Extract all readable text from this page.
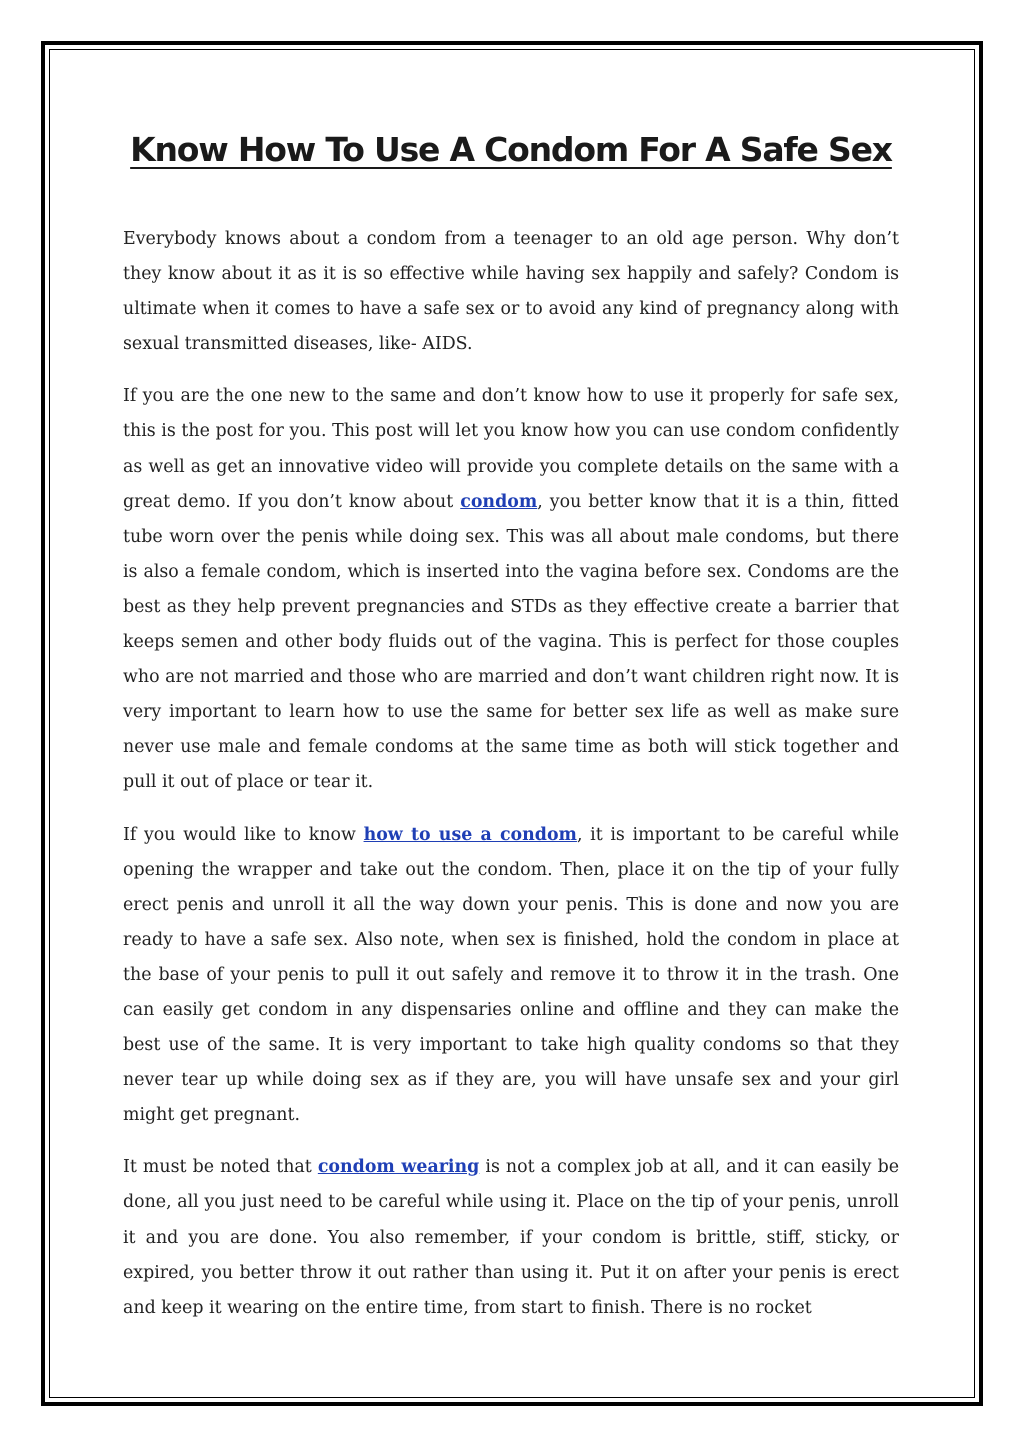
Know How To Use A Condom For A Safe Sex

Everybody knows about a condom from a teenager to an old age person. Why don’t they know about it as it is so effective while having sex happily and safely? Condom is ultimate when it comes to have a safe sex or to avoid any kind of pregnancy along with sexual transmitted diseases, like- AIDS.

If you are the one new to the same and don’t know how to use it properly for safe sex, this is the post for you. This post will let you know how you can use condom confidently as well as get an innovative video will provide you complete details on the same with a great demo. If you don’t know about condom, you better know that it is a thin, fitted tube worn over the penis while doing sex. This was all about male condoms, but there is also a female condom, which is inserted into the vagina before sex. Condoms are the best as they help prevent pregnancies and STDs as they effective create a barrier that keeps semen and other body fluids out of the vagina. This is perfect for those couples who are not married and those who are married and don’t want children right now. It is very important to learn how to use the same for better sex life as well as make sure never use male and female condoms at the same time as both will stick together and pull it out of place or tear it.

If you would like to know how to use a condom, it is important to be careful while opening the wrapper and take out the condom. Then, place it on the tip of your fully erect penis and unroll it all the way down your penis. This is done and now you are ready to have a safe sex. Also note, when sex is finished, hold the condom in place at the base of your penis to pull it out safely and remove it to throw it in the trash. One can easily get condom in any dispensaries online and offline and they can make the best use of the same. It is very important to take high quality condoms so that they never tear up while doing sex as if they are, you will have unsafe sex and your girl might get pregnant.

It must be noted that condom wearing is not a complex job at all, and it can easily be done, all you just need to be careful while using it. Place on the tip of your penis, unroll it and you are done. You also remember, if your condom is brittle, stiff, sticky, or expired, you better throw it out rather than using it. Put it on after your penis is erect and keep it wearing on the entire time, from start to finish. There is no rocket
